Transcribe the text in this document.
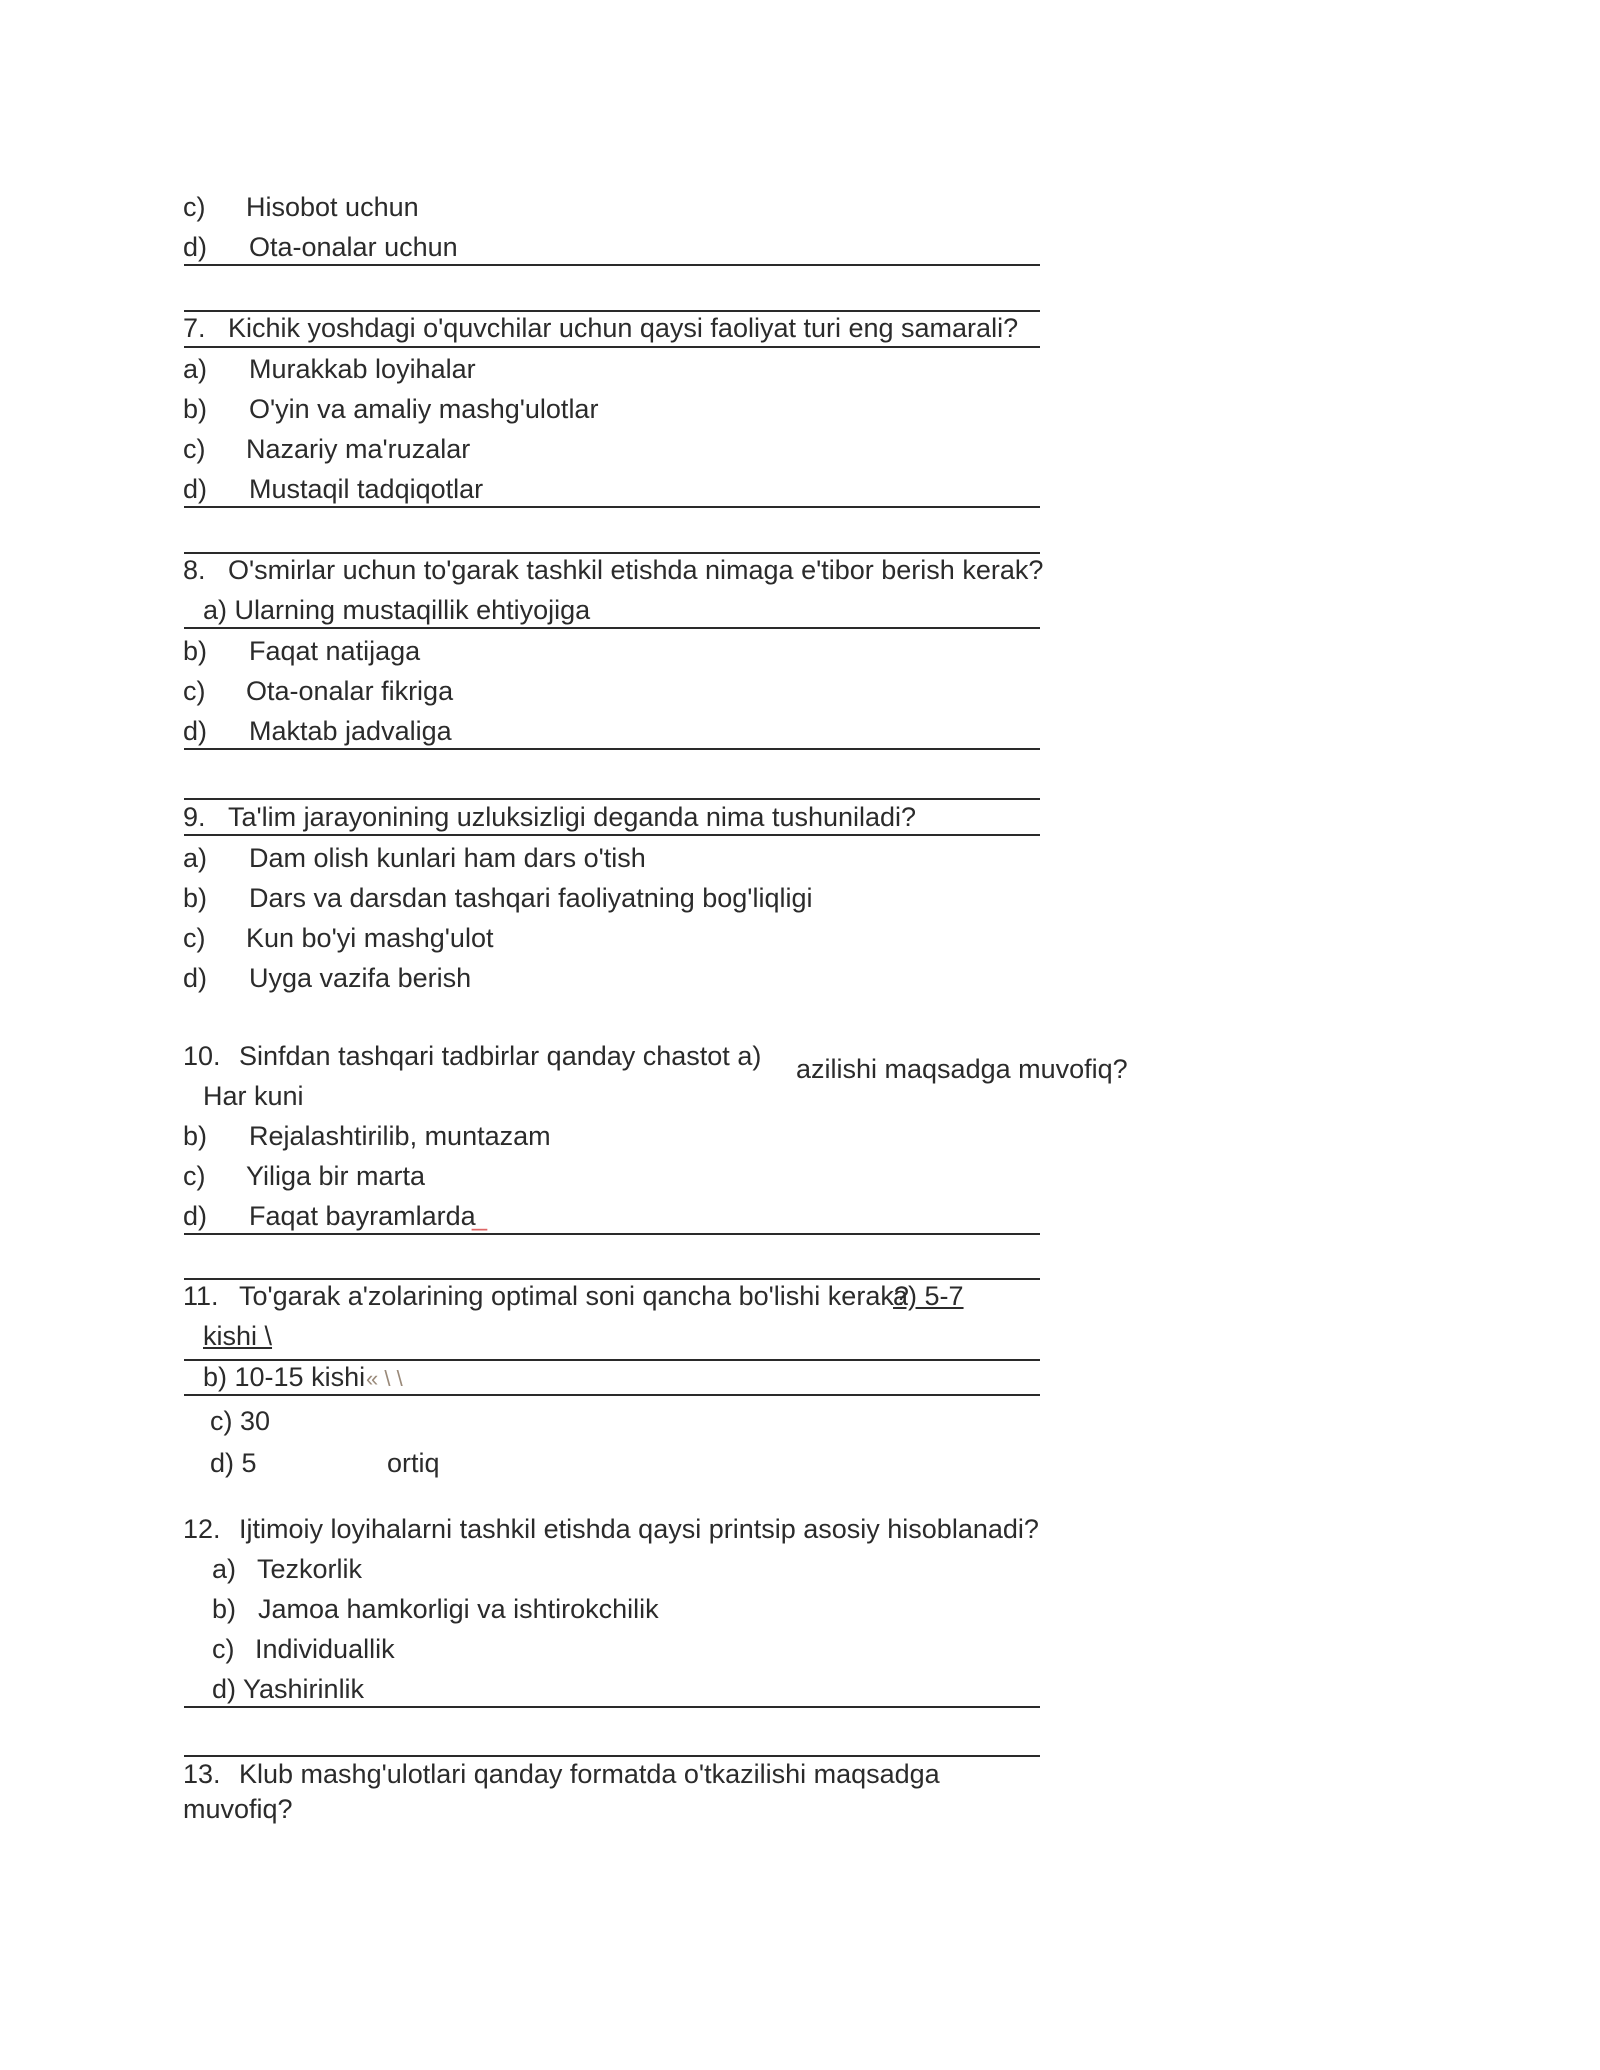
c) Hisobot uchun
d) Ota-onalar uchun
7. Kichik yoshdagi o'quvchilar uchun qaysi faoliyat turi eng samarali?
a) Murakkab loyihalar
b) O'yin va amaliy mashg'ulotlar
c) Nazariy ma'ruzalar
d) Mustaqil tadqiqotlar
8. O'smirlar uchun to'garak tashkil etishda nimaga e'tibor berish kerak?
a) Ularning mustaqillik ehtiyojiga
b) Faqat natijaga
c) Ota-onalar fikriga
d) Maktab jadvaliga
9. Ta'lim jarayonining uzluksizligi deganda nima tushuniladi?
a) Dam olish kunlari ham dars o'tish
b) Dars va darsdan tashqari faoliyatning bog'liqligi
c) Kun bo'yi mashg'ulot
d) Uyga vazifa berish
10. Sinfdan tashqari tadbirlar qanday chastot a) azilishi maqsadga muvofiq?
Har kuni
b) Rejalashtirilib, muntazam
c) Yiliga bir marta
d) Faqat bayramlarda
_
11. To'garak a'zolarining optimal soni qancha bo'lishi kerak?
a) 5-7
kishi \
b) 10-15 kishi « \ \
c) 30
d) 5	ortiq
12. Ijtimoiy loyihalarni tashkil etishda qaysi printsip asosiy hisoblanadi?
a) Tezkorlik
b) Jamoa hamkorligi va ishtirokchilik
c) Individuallik
d) Yashirinlik
13. Klub mashg'ulotlari qanday formatda o'tkazilishi maqsadga
muvofiq?
